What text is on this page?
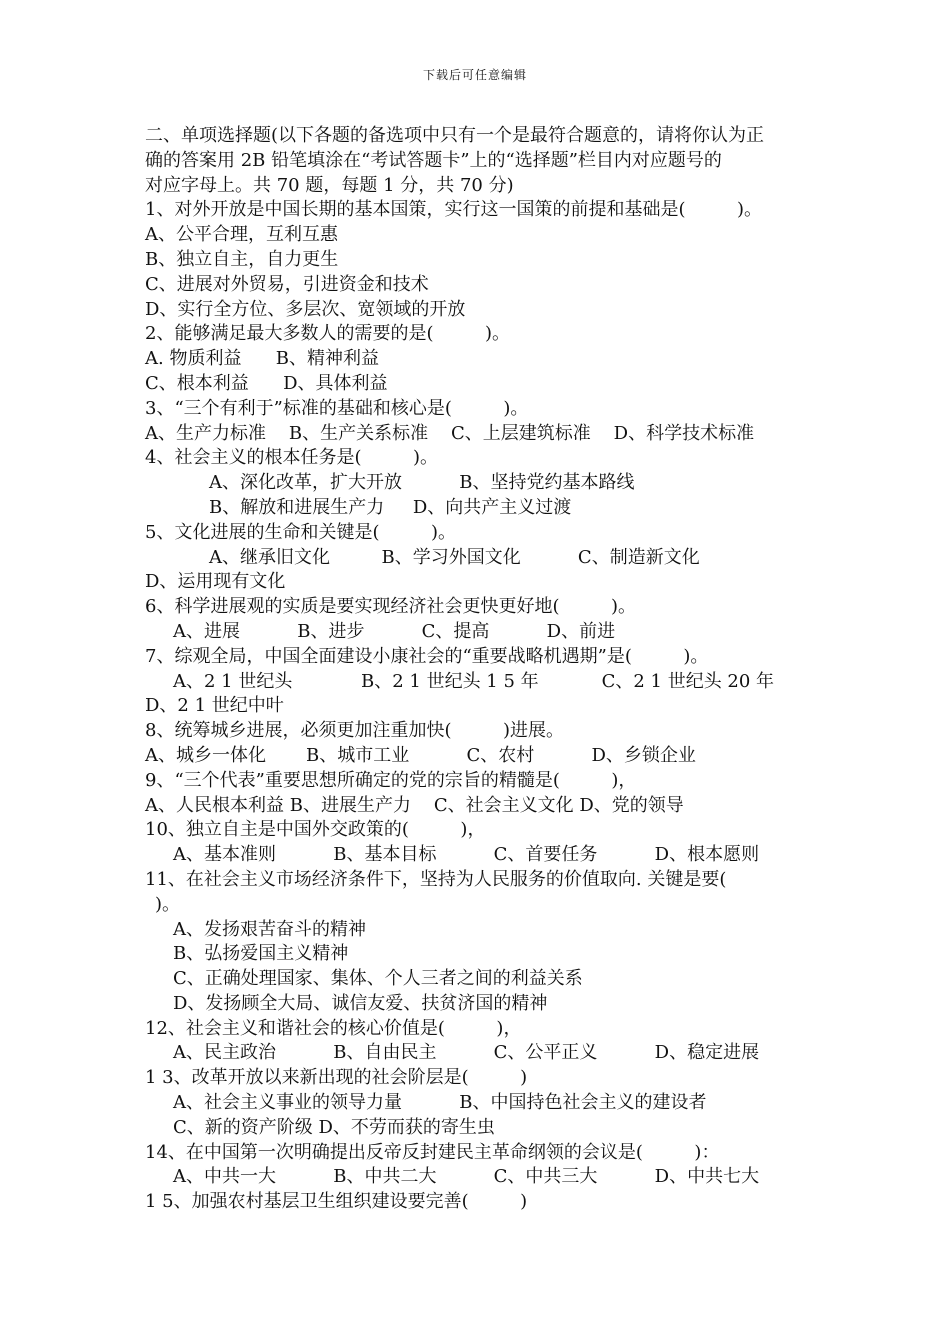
下载后可任意编辑
二、单项选择题(以下各题的备选项中只有一个是最符合题意的，请将你认为正
确的答案用 2B 铅笔填涂在“考试答题卡”上的“选择题”栏目内对应题号的
对应字母上。共 70 题，每题 1 分，共 70 分)
1、对外开放是中国长期的基本国策，实行这一国策的前提和基础是(         )。
A、公平合理，互利互惠
B、独立自主，自力更生
C、进展对外贸易，引进资金和技术
D、实行全方位、多层次、宽领域的开放
2、能够满足最大多数人的需要的是(         )。
A. 物质利益      B、精神利益
C、根本利益      D、具体利益
3、“三个有利于”标准的基础和核心是(         )。
A、生产力标准    B、生产关系标准    C、上层建筑标准    D、科学技术标准
4、社会主义的根本任务是(         )。
A、深化改革，扩大开放          B、坚持党约基本路线
B、解放和进展生产力     D、向共产主义过渡
5、文化进展的生命和关键是(         )。
A、继承旧文化         B、学习外国文化          C、制造新文化
D、运用现有文化
6、科学进展观的实质是要实现经济社会更快更好地(         )。
A、进展          B、进步          C、提高          D、前进
7、综观全局，中国全面建设小康社会的“重要战略机遇期”是(         )。
A、2 1 世纪头            B、2 1 世纪头 1 5 年           C、2 1 世纪头 20 年
D、2 1 世纪中叶
8、统筹城乡进展，必须更加注重加快(         )进展。
A、城乡一体化       B、城市工业          C、农村          D、乡锁企业
9、“三个代表”重要思想所确定的党的宗旨的精髓是(         )，
A、人民根本利益 B、进展生产力    C、社会主义文化 D、党的领导
10、独立自主是中国外交政策的(         )，
A、基本准则          B、基本目标          C、首要任务          D、根本愿则
11、在社会主义市场经济条件下，坚持为人民服务的价值取向. 关键是要(
)。
A、发扬艰苦奋斗的精神
B、弘扬爱国主义精神
C、正确处理国家、集体、个人三者之间的利益关系
D、发扬顾全大局、诚信友爱、扶贫济国的精神
12、社会主义和谐社会的核心价值是(         )，
A、民主政治          B、自由民主          C、公平正义          D、稳定进展
1 3、改革开放以来新出现的社会阶层是(         )
A、社会主义事业的领导力量          B、中国持色社会主义的建设者
C、新的资产阶级 D、不劳而获的寄生虫
14、在中国第一次明确提出反帝反封建民主革命纲领的会议是(         )：
A、中共一大          B、中共二大          C、中共三大          D、中共七大
1 5、加强农村基层卫生组织建设要完善(         )
